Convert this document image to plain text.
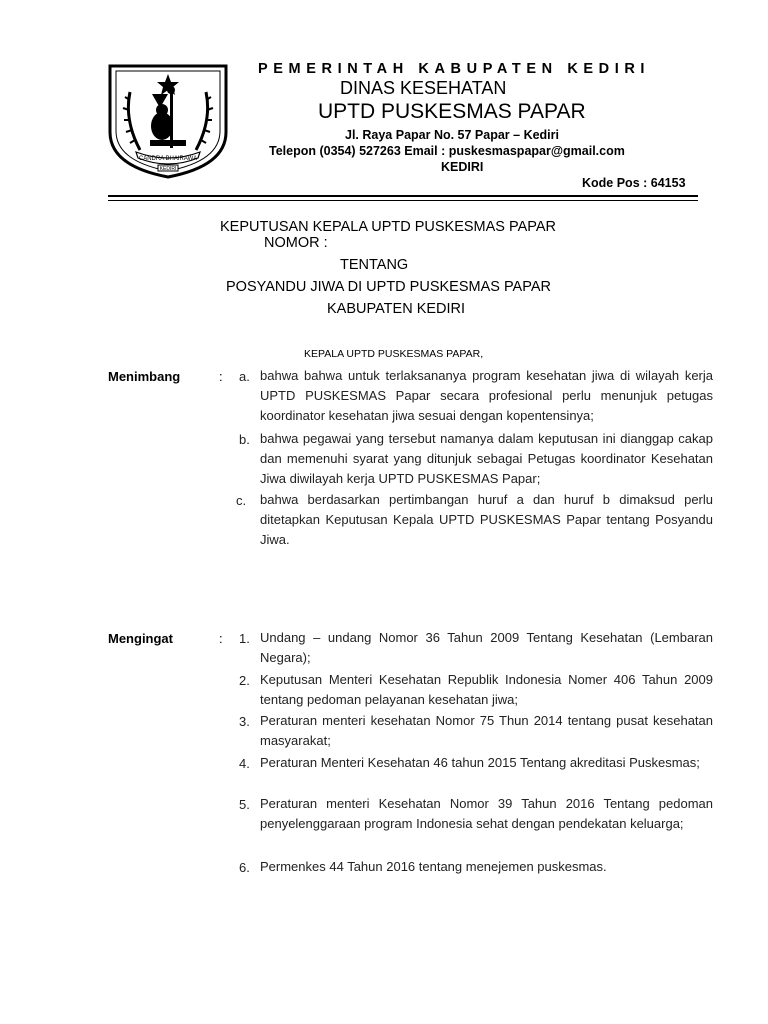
CANDRA BHAIRAWA
KEDIRI
PEMERINTAH KABUPATEN KEDIRI
DINAS KESEHATAN
UPTD PUSKESMAS PAPAR
Jl. Raya Papar No. 57 Papar – Kediri
Telepon (0354) 527263 Email : puskesmaspapar@gmail.com
KEDIRI
Kode Pos : 64153
KEPUTUSAN KEPALA UPTD PUSKESMAS PAPAR
NOMOR :
TENTANG
POSYANDU JIWA DI UPTD PUSKESMAS PAPAR
KABUPATEN KEDIRI
KEPALA UPTD PUSKESMAS PAPAR,
Menimbang	: a. bahwa bahwa untuk terlaksananya program kesehatan jiwa di wilayah kerja UPTD PUSKESMAS Papar secara profesional perlu menunjuk petugas koordinator kesehatan jiwa sesuai dengan kopentensinya;
b. bahwa pegawai yang tersebut namanya dalam keputusan ini dianggap cakap dan memenuhi syarat yang ditunjuk sebagai Petugas koordinator Kesehatan Jiwa diwilayah kerja UPTD PUSKESMAS Papar;
c. bahwa berdasarkan pertimbangan huruf a dan huruf b dimaksud perlu ditetapkan Keputusan Kepala UPTD PUSKESMAS Papar tentang Posyandu Jiwa.
Mengingat	: 1. Undang – undang Nomor 36 Tahun 2009 Tentang Kesehatan (Lembaran Negara);
2. Keputusan Menteri Kesehatan Republik Indonesia Nomer 406 Tahun 2009 tentang pedoman pelayanan kesehatan jiwa;
3. Peraturan menteri kesehatan Nomor 75 Thun 2014 tentang pusat kesehatan masyarakat;
4. Peraturan Menteri Kesehatan 46 tahun 2015 Tentang akreditasi Puskesmas;
5. Peraturan menteri Kesehatan Nomor 39 Tahun 2016 Tentang pedoman penyelenggaraan program Indonesia sehat dengan pendekatan keluarga;
6. Permenkes 44 Tahun 2016 tentang menejemen puskesmas.
